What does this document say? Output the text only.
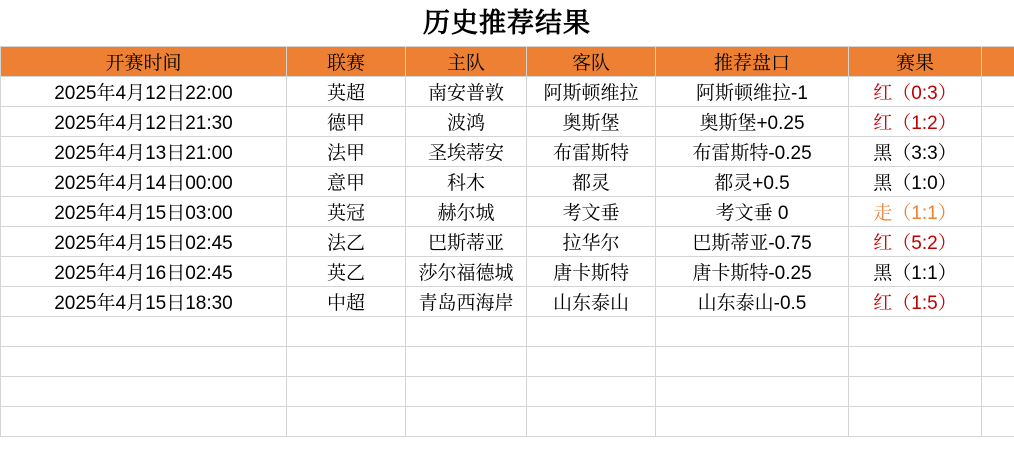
历史推荐结果
开赛时间	联赛	主队	客队	推荐盘口	赛果	
2025年4月12日22:00	英超	南安普敦	阿斯顿维拉	阿斯顿维拉-1	红（0:3）	
2025年4月12日21:30	德甲	波鸿	奥斯堡	奥斯堡+0.25	红（1:2）	
2025年4月13日21:00	法甲	圣埃蒂安	布雷斯特	布雷斯特-0.25	黑（3:3）	
2025年4月14日00:00	意甲	科木	都灵	都灵+0.5	黑（1:0）	
2025年4月15日03:00	英冠	赫尔城	考文垂	考文垂 0	走（1:1）	
2025年4月15日02:45	法乙	巴斯蒂亚	拉华尔	巴斯蒂亚-0.75	红（5:2）	
2025年4月16日02:45	英乙	莎尔福德城	唐卡斯特	唐卡斯特-0.25	黑（1:1）	
2025年4月15日18:30	中超	青岛西海岸	山东泰山	山东泰山-0.5	红（1:5）	
